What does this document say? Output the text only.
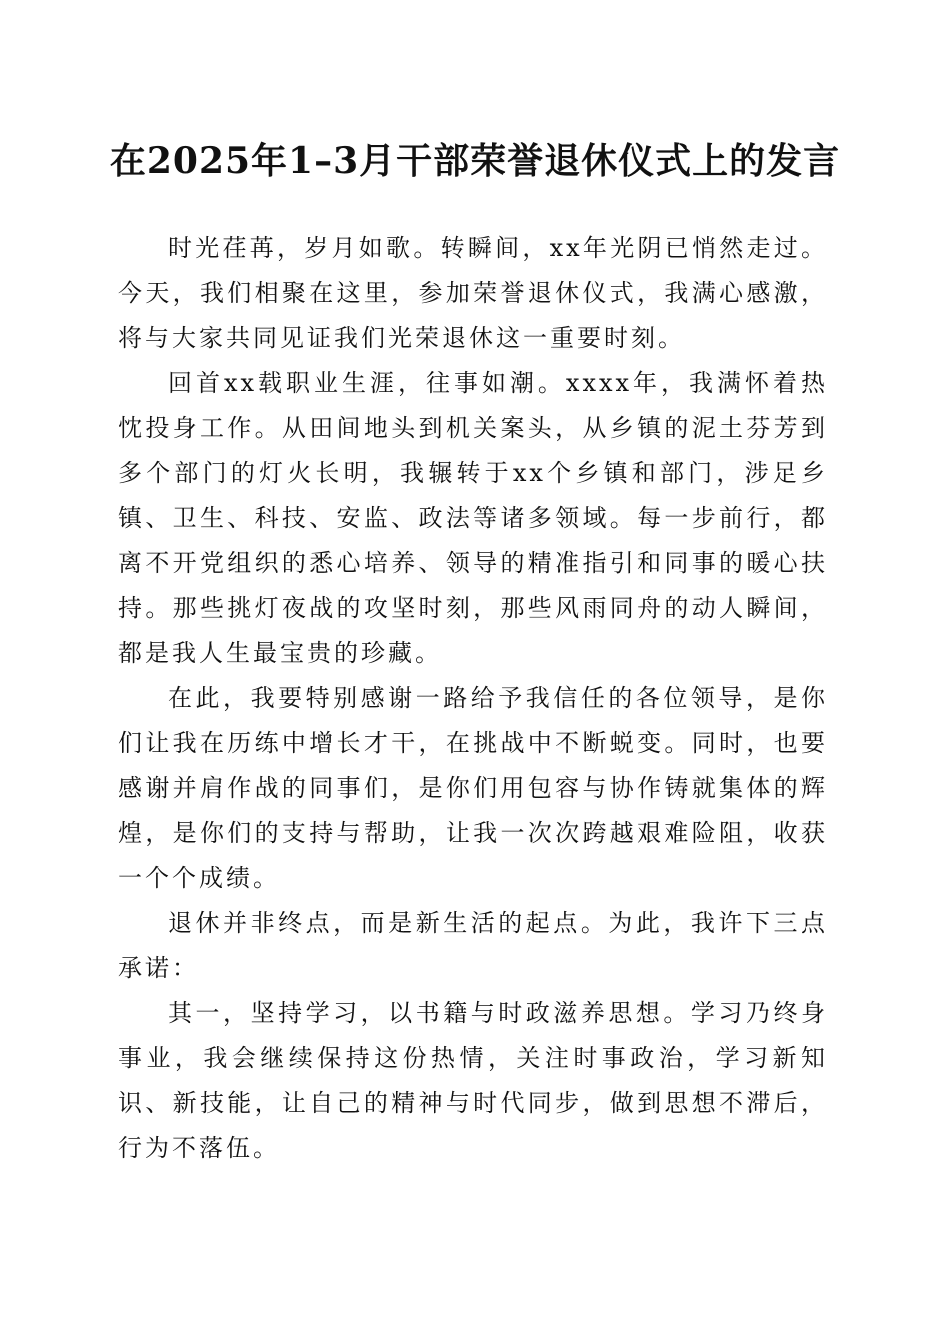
在2025年1–3月干部荣誉退休仪式上的发言

时光荏苒，岁月如歌。转瞬间，xx年光阴已悄然走过。今天，我们相聚在这里，参加荣誉退休仪式，我满心感激，将与大家共同见证我们光荣退休这一重要时刻。

回首xx载职业生涯，往事如潮。xxxx年，我满怀着热忱投身工作。从田间地头到机关案头，从乡镇的泥土芬芳到多个部门的灯火长明，我辗转于xx个乡镇和部门，涉足乡镇、卫生、科技、安监、政法等诸多领域。每一步前行，都离不开党组织的悉心培养、领导的精准指引和同事的暖心扶持。那些挑灯夜战的攻坚时刻，那些风雨同舟的动人瞬间，都是我人生最宝贵的珍藏。

在此，我要特别感谢一路给予我信任的各位领导，是你们让我在历练中增长才干，在挑战中不断蜕变。同时，也要感谢并肩作战的同事们，是你们用包容与协作铸就集体的辉煌，是你们的支持与帮助，让我一次次跨越艰难险阻，收获一个个成绩。

退休并非终点，而是新生活的起点。为此，我许下三点承诺：

其一，坚持学习，以书籍与时政滋养思想。学习乃终身事业，我会继续保持这份热情，关注时事政治，学习新知识、新技能，让自己的精神与时代同步，做到思想不滞后，行为不落伍。
